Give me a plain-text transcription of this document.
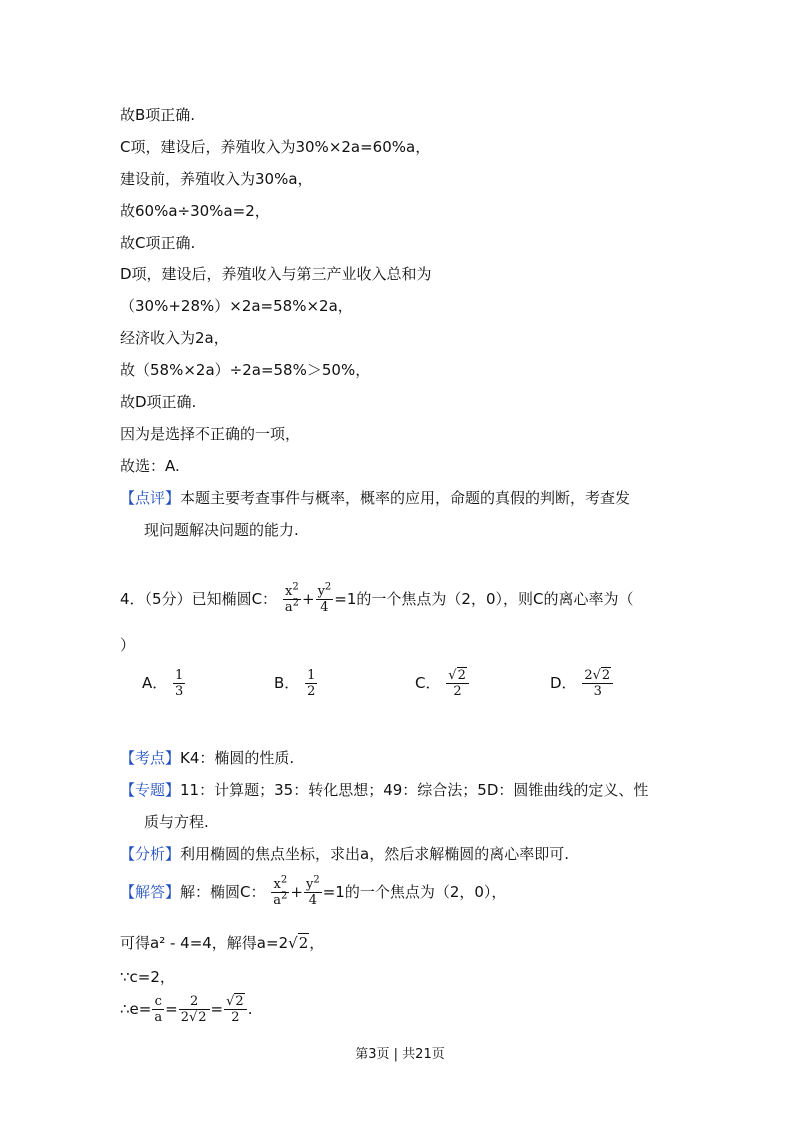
故B项正确.
C项，建设后，养殖收入为30%×2a=60%a，
建设前，养殖收入为30%a，
故60%a÷30%a=2，
故C项正确.
D项，建设后，养殖收入与第三产业收入总和为
（30%+28%）×2a=58%×2a，
经济收入为2a，
故（58%×2a）÷2a=58%＞50%，
故D项正确.
因为是选择不正确的一项，
故选：A.
【点评】本题主要考查事件与概率，概率的应用，命题的真假的判断，考查发
现问题解决问题的能力.
4．（5分）已知椭圆C： $\frac{x^2}{a^2} + \frac{y^2}{4} =1$的一个焦点为（2，0），则C的离心率为（
）
A． $\frac{1}{3}$	B． $\frac{1}{2}$	C． $\frac{√2}{2}$	D． $\frac{2√2}{3}$
【考点】K4：椭圆的性质.
【专题】11：计算题；35：转化思想；49：综合法；5D：圆锥曲线的定义、性
质与方程.
【分析】利用椭圆的焦点坐标，求出a，然后求解椭圆的离心率即可.
【解答】解：椭圆C： $\frac{x^2}{a^2} + \frac{y^2}{4} =1$的一个焦点为（2，0），
可得a² - 4=4，解得a=2√2，
∵c=2，
∴e= $\frac{c}{a} = \frac{2}{2√2} = \frac{√2}{2}$ .
第3页 | 共21页
